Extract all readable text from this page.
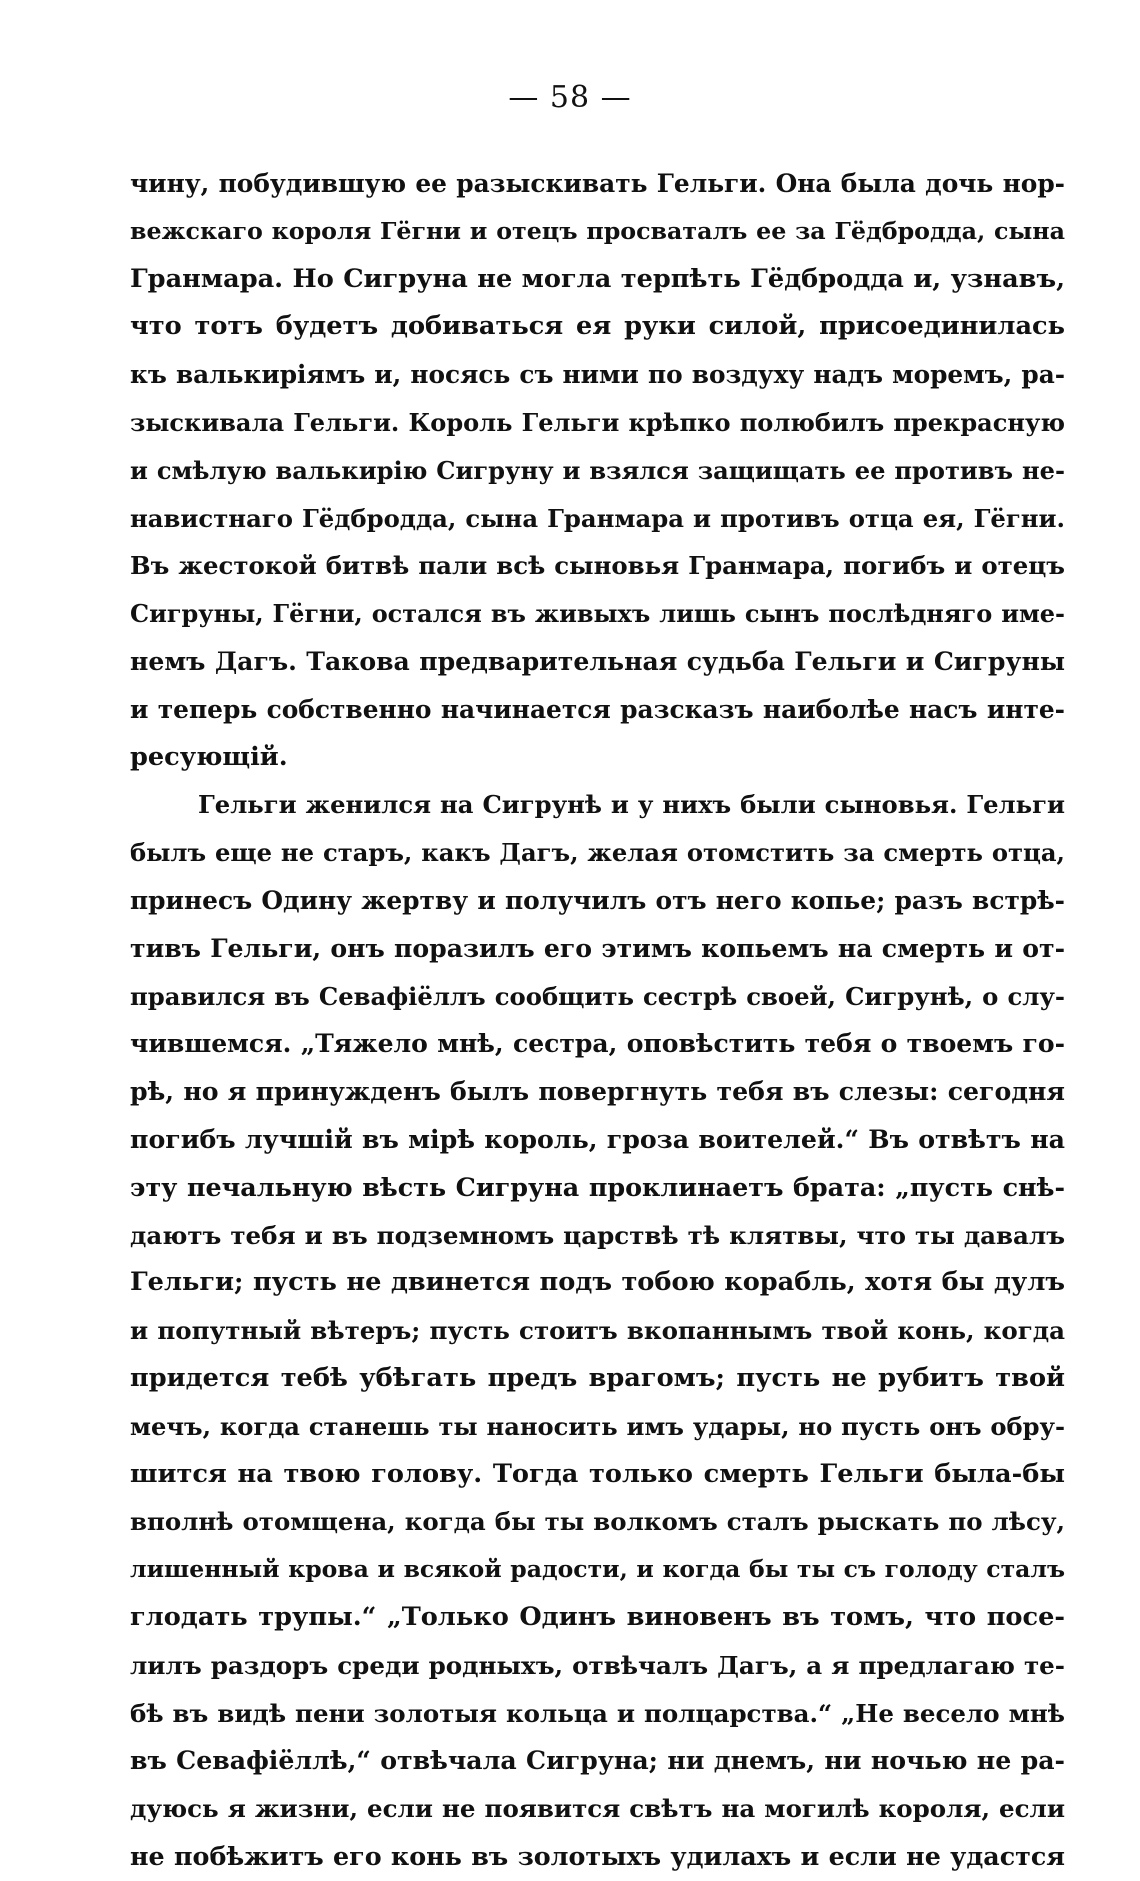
— 58 —
чину, побудившую ее разыскивать Гельги. Она была дочь нор-
вежскаго короля Гёгни и отецъ просваталъ ее за Гёдбродда, сына
Гранмара. Но Сигруна не могла терпѣть Гёдбродда и, узнавъ,
что тотъ будетъ добиваться ея руки силой, присоединилась
къ валькиріямъ и, носясь съ ними по воздуху надъ моремъ, ра-
зыскивала Гельги. Король Гельги крѣпко полюбилъ прекрасную
и смѣлую валькирію Сигруну и взялся защищать ее противъ не-
навистнаго Гёдбродда, сына Гранмара и противъ отца ея, Гёгни.
Въ жестокой битвѣ пали всѣ сыновья Гранмара, погибъ и отецъ
Сигруны, Гёгни, остался въ живыхъ лишь сынъ послѣдняго име-
немъ Дагъ. Такова предварительная судьба Гельги и Сигруны
и теперь собственно начинается разсказъ наиболѣе насъ инте-
ресующій.
Гельги женился на Сигрунѣ и у нихъ были сыновья. Гельги
былъ еще не старъ, какъ Дагъ, желая отомстить за смерть отца,
принесъ Одину жертву и получилъ отъ него копье; разъ встрѣ-
тивъ Гельги, онъ поразилъ его этимъ копьемъ на смерть и от-
правился въ Севафіёллъ сообщить сестрѣ своей, Сигрунѣ, о слу-
чившемся. „Тяжело мнѣ, сестра, оповѣстить тебя о твоемъ го-
рѣ, но я принужденъ былъ повергнуть тебя въ слезы: сегодня
погибъ лучшій въ мірѣ король, гроза воителей.“ Въ отвѣтъ на
эту печальную вѣсть Сигруна проклинаетъ брата: „пусть снѣ-
даютъ тебя и въ подземномъ царствѣ тѣ клятвы, что ты давалъ
Гельги; пусть не двинется подъ тобою корабль, хотя бы дулъ
и попутный вѣтеръ; пусть стоитъ вкопаннымъ твой конь, когда
придется тебѣ убѣгать предъ врагомъ; пусть не рубитъ твой
мечъ, когда станешь ты наносить имъ удары, но пусть онъ обру-
шится на твою голову. Тогда только смерть Гельги была-бы
вполнѣ отомщена, когда бы ты волкомъ сталъ рыскать по лѣсу,
лишенный крова и всякой радости, и когда бы ты съ голоду сталъ
глодать трупы.“ „Только Одинъ виновенъ въ томъ, что посе-
лилъ раздоръ среди родныхъ, отвѣчалъ Дагъ, а я предлагаю те-
бѣ въ видѣ пени золотыя кольца и полцарства.“ „Не весело мнѣ
въ Севафіёллѣ,“ отвѣчала Сигруна; ни днемъ, ни ночью не ра-
дуюсь я жизни, если не появится свѣтъ на могилѣ короля, если
не побѣжитъ его конь въ золотыхъ удилахъ и если не удастся
